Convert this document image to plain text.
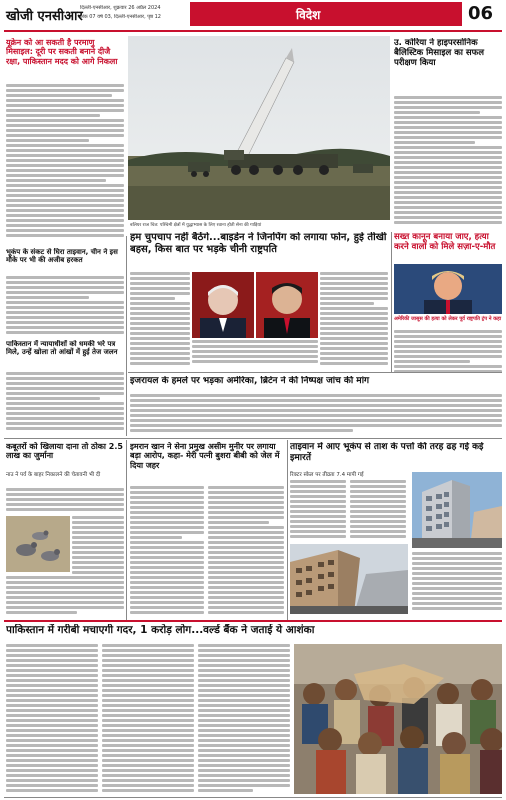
खोजी एनसीआर
दिल्ली-एनसीआर, शुक्रवार 26 अप्रैल 2024
अंक 07 वर्ष 03, दिल्ली-एनसीआर, पृष्ठ 12	विदेश	06
यूक्रेन को आ सकती है परमाणु मिसाइल: दूरी पर सकती बनाने दीजै रक्षा, पाकिस्तान मदद को आगे निकला
बलियर राज चित्र: पश्चिमी क्षेत्रों में युद्धाभ्यास के लिए रवाना होती सेना की गाड़ियां
उ. कोरिया ने हाइपरसोनिक बैलिस्टिक मिसाइल का सफल परीक्षण किया
भूकंप के संकट से घिरा ताइवान, चीन ने इस मौके पर भी की अजीब हरकत
पाकिस्तान में न्यायाधीशों को धमकी भरे पत्र मिले, उन्हें खोला तो आंखों में हुई तेज जलन
हम चुपचाप नहीं बैठेंगे...बाइडेन ने जिनपिंग को लगाया फोन, हुई तीखी बहस, किस बात पर भड़के चीनी राष्ट्रपति
सख्त कानून बनाया जाए, हत्या करने वालों को मिले सज़ा-ए-मौत
अमेरिकी जासूस की हत्या को लेकर पूर्व राष्ट्रपति ट्रंप ने कहा
इजरायल के हमले पर भड़का अमेरिका, ब्रिटेन ने की निष्पक्ष जांच की मांग
कबूतरों को खिलाया दाना तो ठोका 2.5 लाख का जुर्माना
नाउ ने पर्व के बाहर निकालने की चेतावनी भी दी
इमरान खान ने सेना प्रमुख असीम मुनीर पर लगाया बड़ा आरोप, कहा- मेरी पत्नी बुशरा बीबी को जेल में दिया जहर
ताइवान में आए भूकंप से ताश के पत्तों की तरह ढह गई कई इमारतें
रिक्टर स्केल पर तीव्रता 7.4 मापी गई
पाकिस्तान में गरीबी मचाएगी गदर, 1 करोड़ लोग...वर्ल्ड बैंक ने जताई ये आशंका
